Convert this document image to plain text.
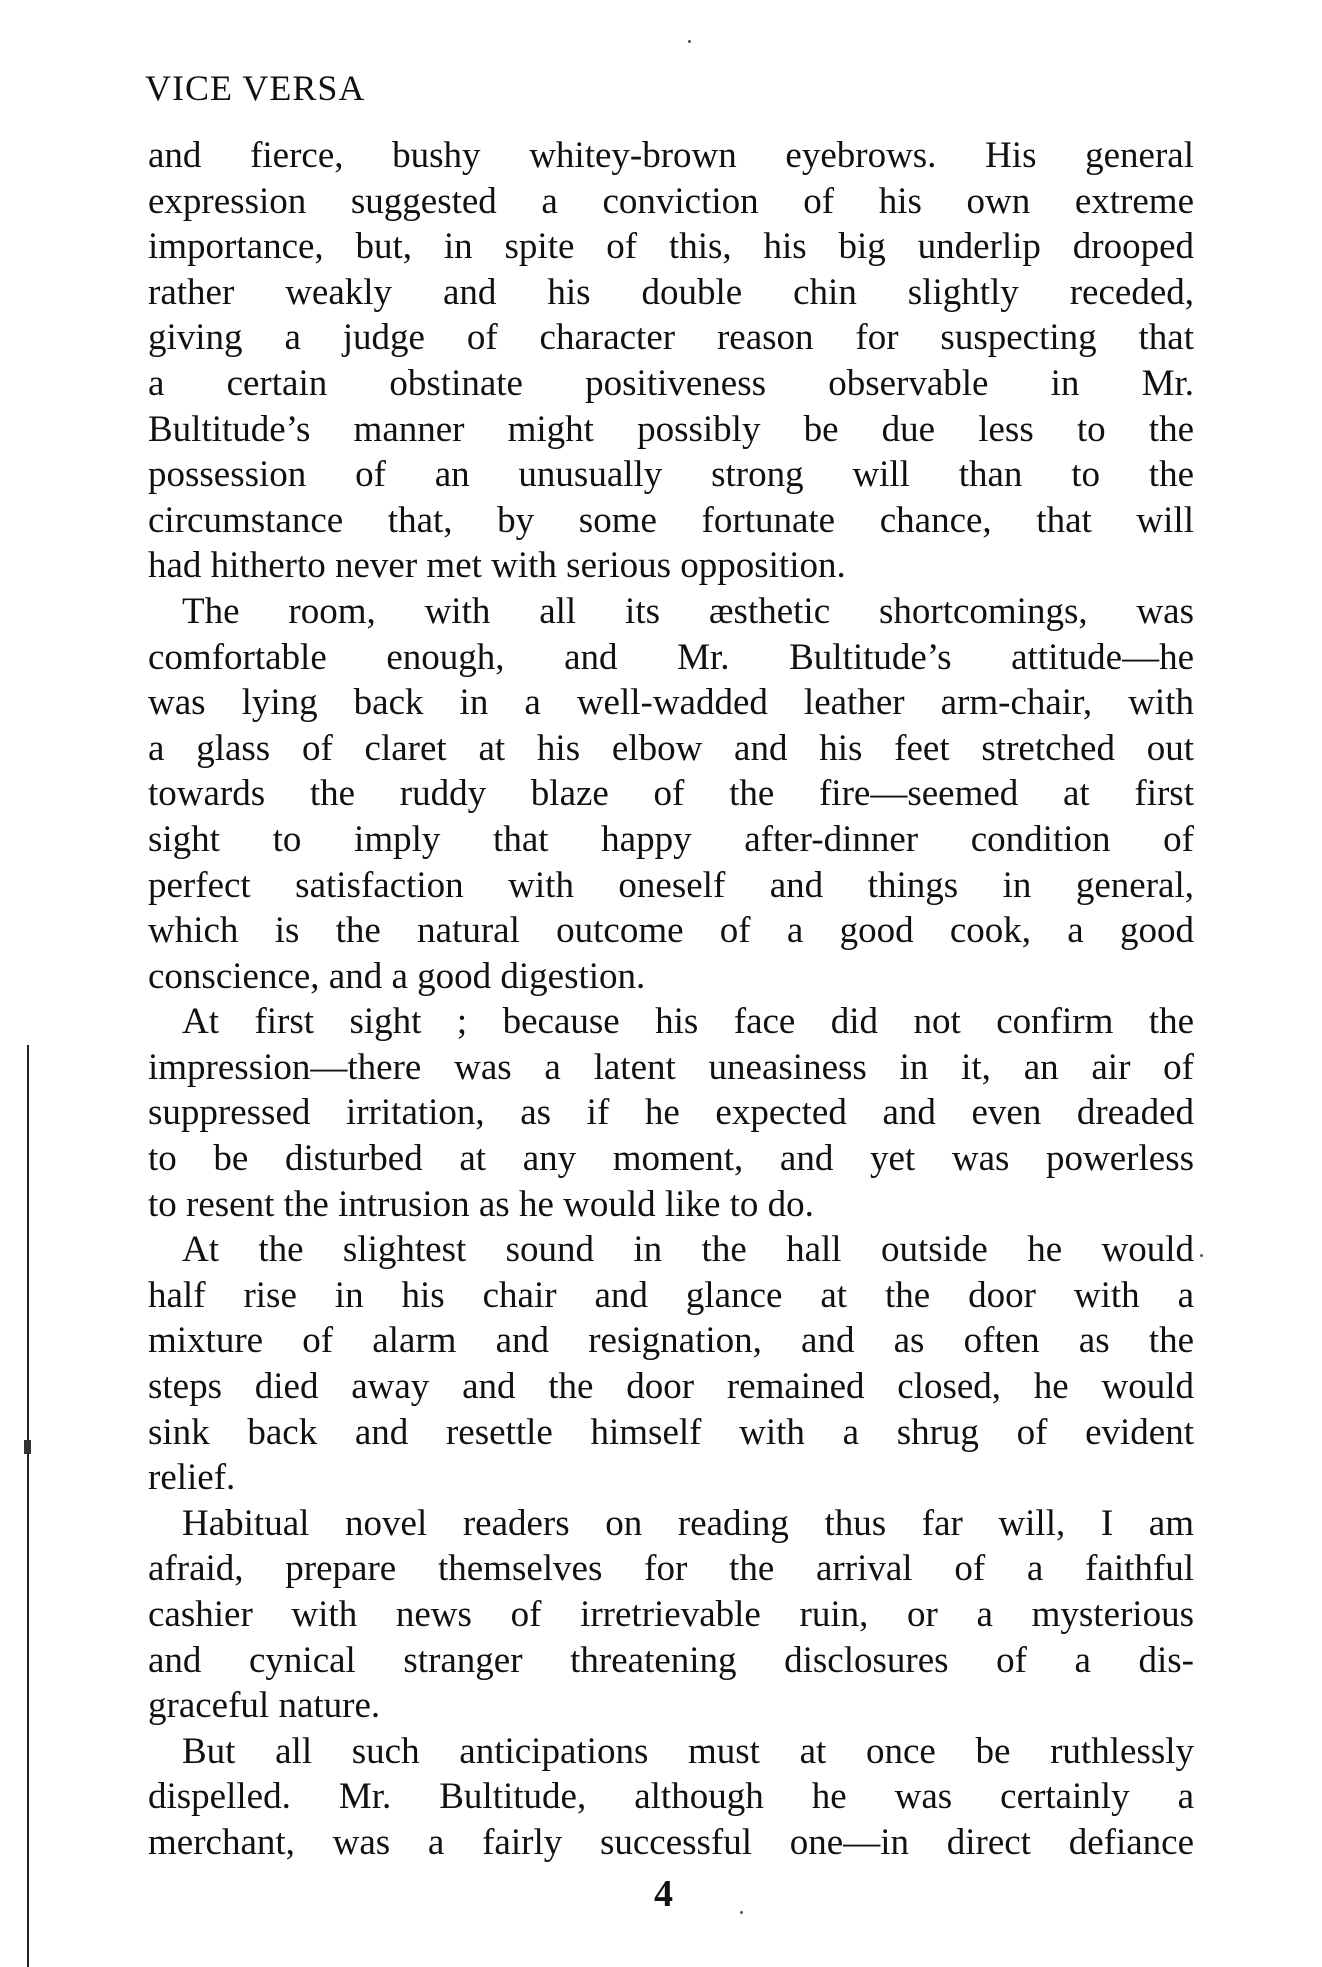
VICE VERSA
and fierce, bushy whitey-brown eyebrows. His general
expression suggested a conviction of his own extreme
importance, but, in spite of this, his big underlip drooped
rather weakly and his double chin slightly receded,
giving a judge of character reason for suspecting that
a certain obstinate positiveness observable in Mr.
Bultitude’s manner might possibly be due less to the
possession of an unusually strong will than to the
circumstance that, by some fortunate chance, that will
had hitherto never met with serious opposition.
The room, with all its æsthetic shortcomings, was
comfortable enough, and Mr. Bultitude’s attitude—he
was lying back in a well-wadded leather arm-chair, with
a glass of claret at his elbow and his feet stretched out
towards the ruddy blaze of the fire—seemed at first
sight to imply that happy after-dinner condition of
perfect satisfaction with oneself and things in general,
which is the natural outcome of a good cook, a good
conscience, and a good digestion.
At first sight ; because his face did not confirm the
impression—there was a latent uneasiness in it, an air of
suppressed irritation, as if he expected and even dreaded
to be disturbed at any moment, and yet was powerless
to resent the intrusion as he would like to do.
At the slightest sound in the hall outside he would
half rise in his chair and glance at the door with a
mixture of alarm and resignation, and as often as the
steps died away and the door remained closed, he would
sink back and resettle himself with a shrug of evident
relief.
Habitual novel readers on reading thus far will, I am
afraid, prepare themselves for the arrival of a faithful
cashier with news of irretrievable ruin, or a mysterious
and cynical stranger threatening disclosures of a dis-
graceful nature.
But all such anticipations must at once be ruthlessly
dispelled. Mr. Bultitude, although he was certainly a
merchant, was a fairly successful one—in direct defiance
4
